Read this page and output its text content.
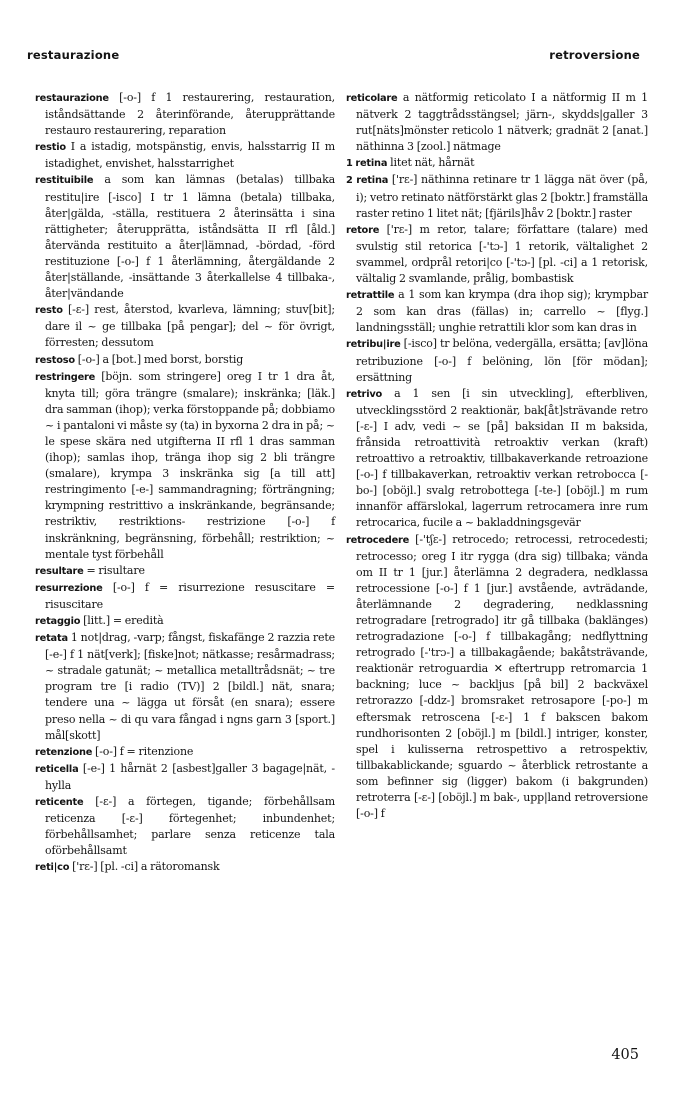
restaurazione	retroversione

restaurazione [-o-] f 1 restaurering, restauration, iståndsättande 2 återinförande, återupprättande restauro restaurering, reparation

restio I a istadig, motspänstig, envis, halsstarrig II m istadighet, envishet, halsstarrighet

restituibile a som kan lämnas (betalas) tillbaka restitu|ire [-isco] I tr 1 lämna (betala) tillbaka, åter|gälda, -ställa, restituera 2 återinsätta i sina rättigheter; återupprätta, iståndsätta II rfl [åld.] återvända restituito a åter|lämnad, -bördad, -förd restituzione [-o-] f 1 återlämning, återgäldande 2 åter|ställande, -insättande 3 återkallelse 4 tillbaka-, åter|vändande

resto [-ɛ-] rest, återstod, kvarleva, lämning; stuv[bit]; dare il ~ ge tillbaka [på pengar]; del ~ för övrigt, förresten; dessutom

restoso [-o-] a [bot.] med borst, borstig

restringere [böjn. som stringere] oreg I tr 1 dra åt, knyta till; göra trängre (smalare); inskränka; [läk.] dra samman (ihop); verka förstoppande på; dobbiamo ~ i pantaloni vi måste sy (ta) in byxorna 2 dra in på; ~ le spese skära ned utgifterna II rfl 1 dras samman (ihop); samlas ihop, tränga ihop sig 2 bli trängre (smalare), krympa 3 inskränka sig [a till att] restringimento [-e-] sammandragning; förträngning; krympning restrittivo a inskränkande, begränsande; restriktiv, restriktions- restrizione [-o-] f inskränkning, begränsning, förbehåll; restriktion; ~ mentale tyst förbehåll

resultare = risultare

resurrezione [-o-] f = risurrezione resuscitare = risuscitare

retaggio [litt.] = eredità

retata 1 not|drag, -varp; fångst, fiskafänge 2 razzia rete [-e-] f 1 nät[verk]; [fiske]not; nätkasse; resårmadrass; ~ stradale gatunät; ~ metallica metalltrådsnät; ~ tre program tre [i radio (TV)] 2 [bildl.] nät, snara; tendere una ~ lägga ut försåt (en snara); essere preso nella ~ di qu vara fångad i ngns garn 3 [sport.] mål[skott]

retenzione [-o-] f = ritenzione

reticella [-e-] 1 hårnät 2 [asbest]galler 3 bagage|nät, -hylla

reticente [-ɛ-] a förtegen, tigande; förbehållsam reticenza [-ɛ-] förtegenhet; inbundenhet; förbehållsamhet; parlare senza reticenze tala oförbehållsamt

reti|co ['rɛ-] [pl. -ci] a rätoromansk

reticolare a nätformig reticolato I a nätformig II m 1 nätverk 2 taggtrådsstängsel; järn-, skydds|galler 3 rut[näts]mönster reticolo 1 nätverk; gradnät 2 [anat.] näthinna 3 [zool.] nätmage

1 retina litet nät, hårnät

2 retina ['rɛ-] näthinna retinare tr 1 lägga nät över (på, i); vetro retinato nätförstärkt glas 2 [boktr.] framställa raster retino 1 litet nät; [fjärils]håv 2 [boktr.] raster

retore ['rɛ-] m retor, talare; författare (talare) med svulstig stil retorica [-'tɔ-] 1 retorik, vältalighet 2 svammel, ordprål retori|co [-'tɔ-] [pl. -ci] a 1 retorisk, vältalig 2 svamlande, prålig, bombastisk

retrattile a 1 som kan krympa (dra ihop sig); krympbar 2 som kan dras (fällas) in; carrello ~ [flyg.] landningsställ; unghie retrattili klor som kan dras in

retribu|ire [-isco] tr belöna, vedergälla, ersätta; [av]löna retribuzione [-o-] f belöning, lön [för mödan]; ersättning

retrivo a 1 sen [i sin utveckling], efterbliven, utvecklingsstörd 2 reaktionär, bak[åt]strävande retro [-ɛ-] I adv, vedi ~ se [på] baksidan II m baksida, frånsida retroattività retroaktiv verkan (kraft) retroattivo a retroaktiv, tillbakaverkande retroazione [-o-] f tillbakaverkan, retroaktiv verkan retrobocca [-bo-] [oböjl.] svalg retrobottega [-te-] [oböjl.] m rum innanför affärslokal, lagerrum retrocamera inre rum retrocarica, fucile a ~ bakladdningsgevär

retrocedere [-'tʃɛ-] retrocedo; retrocessi, retrocedesti; retrocesso; oreg I itr rygga (dra sig) tillbaka; vända om II tr 1 [jur.] återlämna 2 degradera, nedklassa retrocessione [-o-] f 1 [jur.] avstående, avträdande, återlämnande 2 degradering, nedklassning retrogradare [retrogrado] itr gå tillbaka (baklänges) retrogradazione [-o-] f tillbakagång; nedflyttning retrogrado [-'trɔ-] a tillbakagående; bakåtsträvande, reaktionär retroguardia ✕ eftertrupp retromarcia 1 backning; luce ~ backljus [på bil] 2 backväxel retrorazzo [-ddz-] bromsraket retrosapore [-po-] m eftersmak retroscena [-ɛ-] 1 f bakscen bakom rundhorisonten 2 [oböjl.] m [bildl.] intriger, konster, spel i kulisserna retrospettivo a retrospektiv, tillbakablickande; sguardo ~ återblick retrostante a som befinner sig (ligger) bakom (i bakgrunden) retroterra [-ɛ-] [oböjl.] m bak-, upp|land retroversione [-o-] f

405
